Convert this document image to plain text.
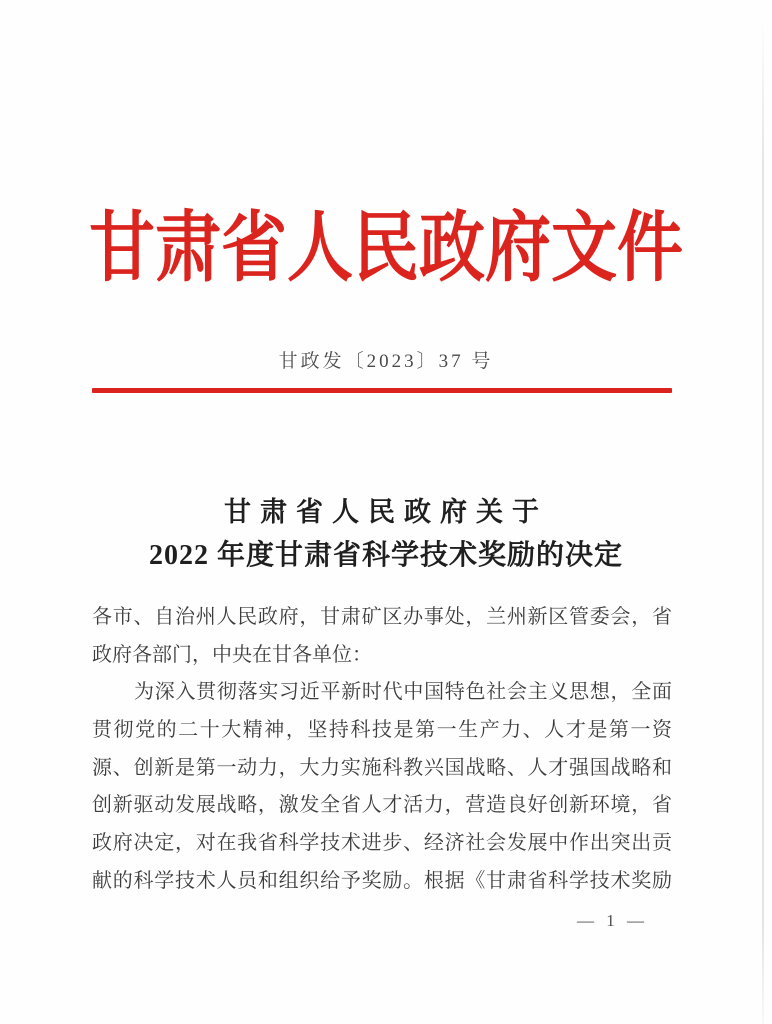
甘肃省人民政府文件
甘政发〔2023〕37 号
甘肃省人民政府关于
2022 年度甘肃省科学技术奖励的决定
各市、自治州人民政府，甘肃矿区办事处，兰州新区管委会，省
政府各部门，中央在甘各单位：
为深入贯彻落实习近平新时代中国特色社会主义思想，全面
贯彻党的二十大精神，坚持科技是第一生产力、人才是第一资
源、创新是第一动力，大力实施科教兴国战略、人才强国战略和
创新驱动发展战略，激发全省人才活力，营造良好创新环境，省
政府决定，对在我省科学技术进步、经济社会发展中作出突出贡
献的科学技术人员和组织给予奖励。根据《甘肃省科学技术奖励
— 1 —
